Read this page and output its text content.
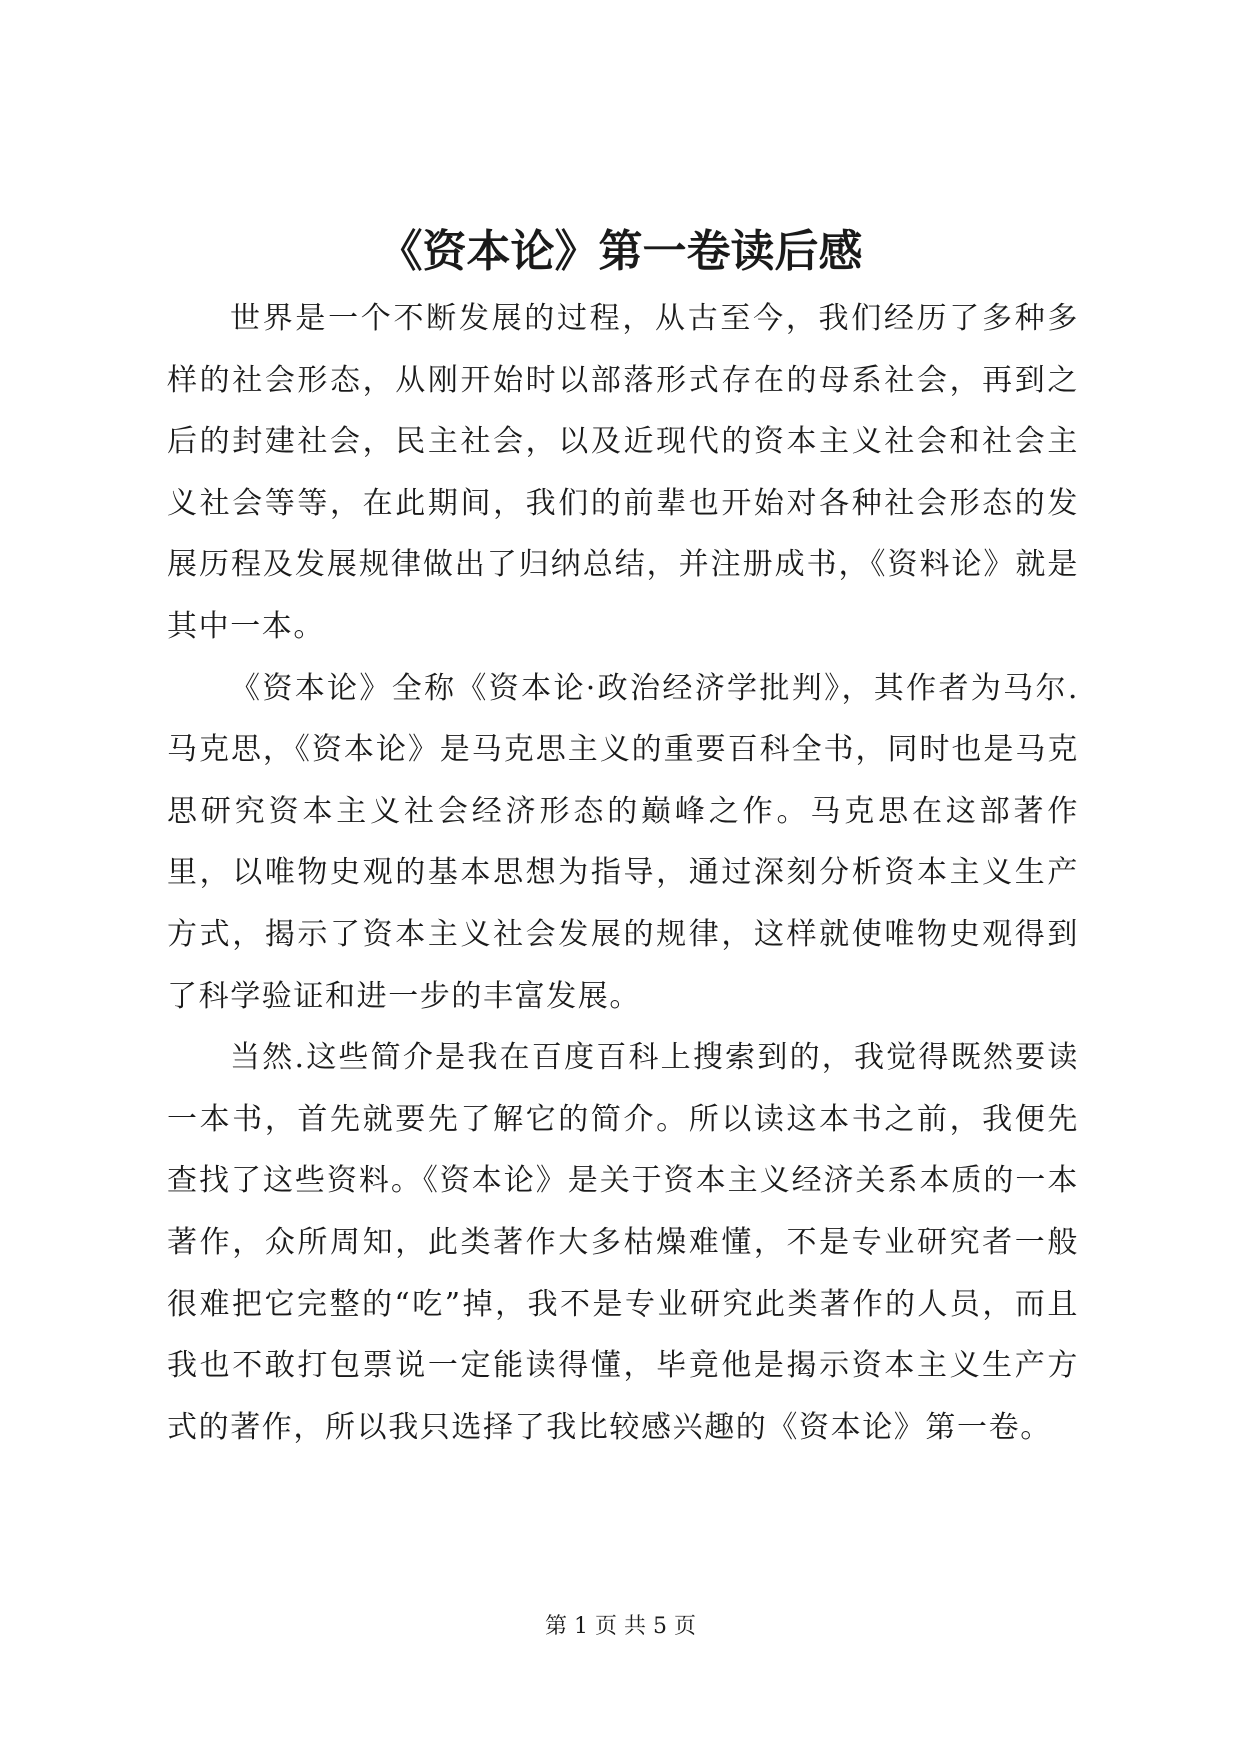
《资本论》第一卷读后感

世界是一个不断发展的过程，从古至今，我们经历了多种多样的社会形态，从刚开始时以部落形式存在的母系社会，再到之后的封建社会，民主社会，以及近现代的资本主义社会和社会主义社会等等，在此期间，我们的前辈也开始对各种社会形态的发展历程及发展规律做出了归纳总结，并注册成书，《资料论》就是其中一本。

《资本论》全称《资本论·政治经济学批判》，其作者为马尔.马克思，《资本论》是马克思主义的重要百科全书，同时也是马克思研究资本主义社会经济形态的巅峰之作。马克思在这部著作里，以唯物史观的基本思想为指导，通过深刻分析资本主义生产方式，揭示了资本主义社会发展的规律，这样就使唯物史观得到了科学验证和进一步的丰富发展。

当然.这些简介是我在百度百科上搜索到的，我觉得既然要读一本书，首先就要先了解它的简介。所以读这本书之前，我便先查找了这些资料。《资本论》是关于资本主义经济关系本质的一本著作，众所周知，此类著作大多枯燥难懂，不是专业研究者一般很难把它完整的“吃”掉，我不是专业研究此类著作的人员，而且我也不敢打包票说一定能读得懂，毕竟他是揭示资本主义生产方式的著作，所以我只选择了我比较感兴趣的《资本论》第一卷。

第 1 页 共 5 页
